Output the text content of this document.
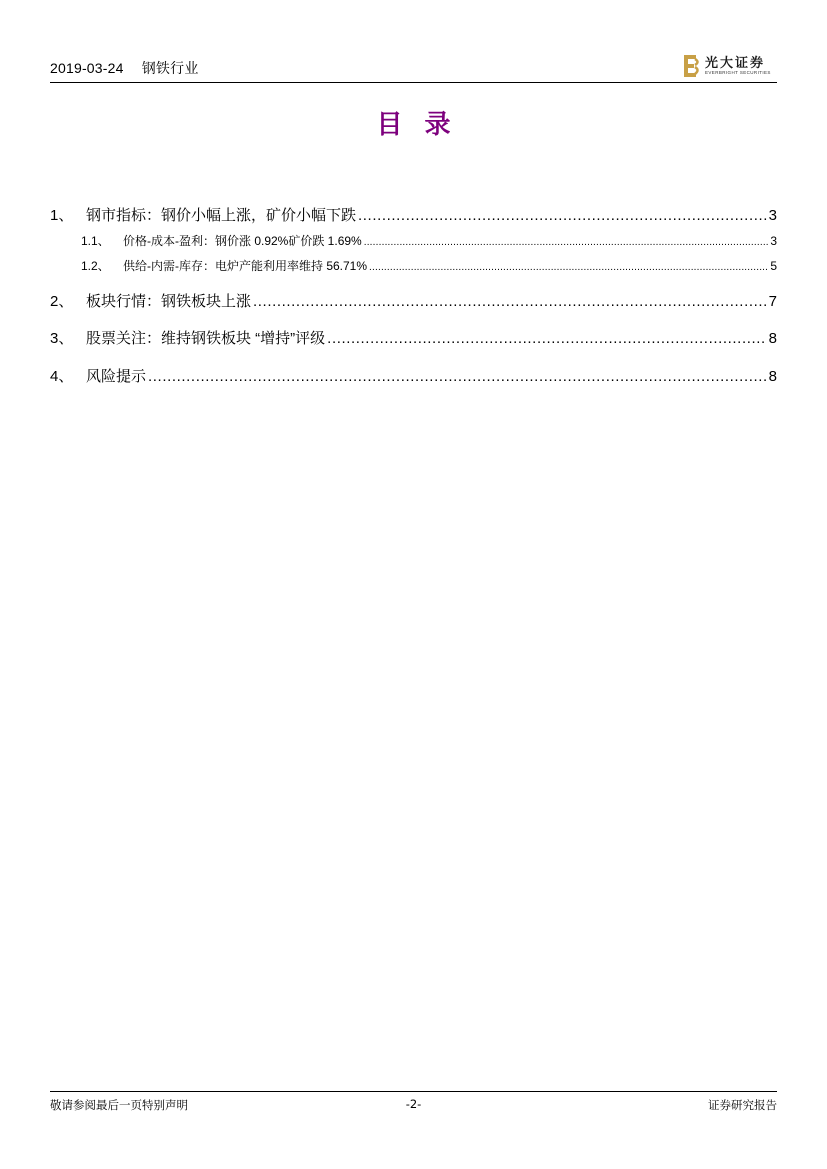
2019-03-24 钢铁行业	光大证券
EVERBRIGHT SECURITIES
目录
1、 钢市指标：钢价小幅上涨，矿价小幅下跌 .....	3
1.1、	价格-成本-盈利：钢价涨 0.92%矿价跌 1.69% .....	3
1.2、	供给-内需-库存：电炉产能利用率维持 56.71% .....	5
2、 板块行情：钢铁板块上涨 .....	7
3、 股票关注：维持钢铁板块 “增持”评级 .....	8
4、 风险提示 .....	8
敬请参阅最后一页特别声明	-2-	证券研究报告
